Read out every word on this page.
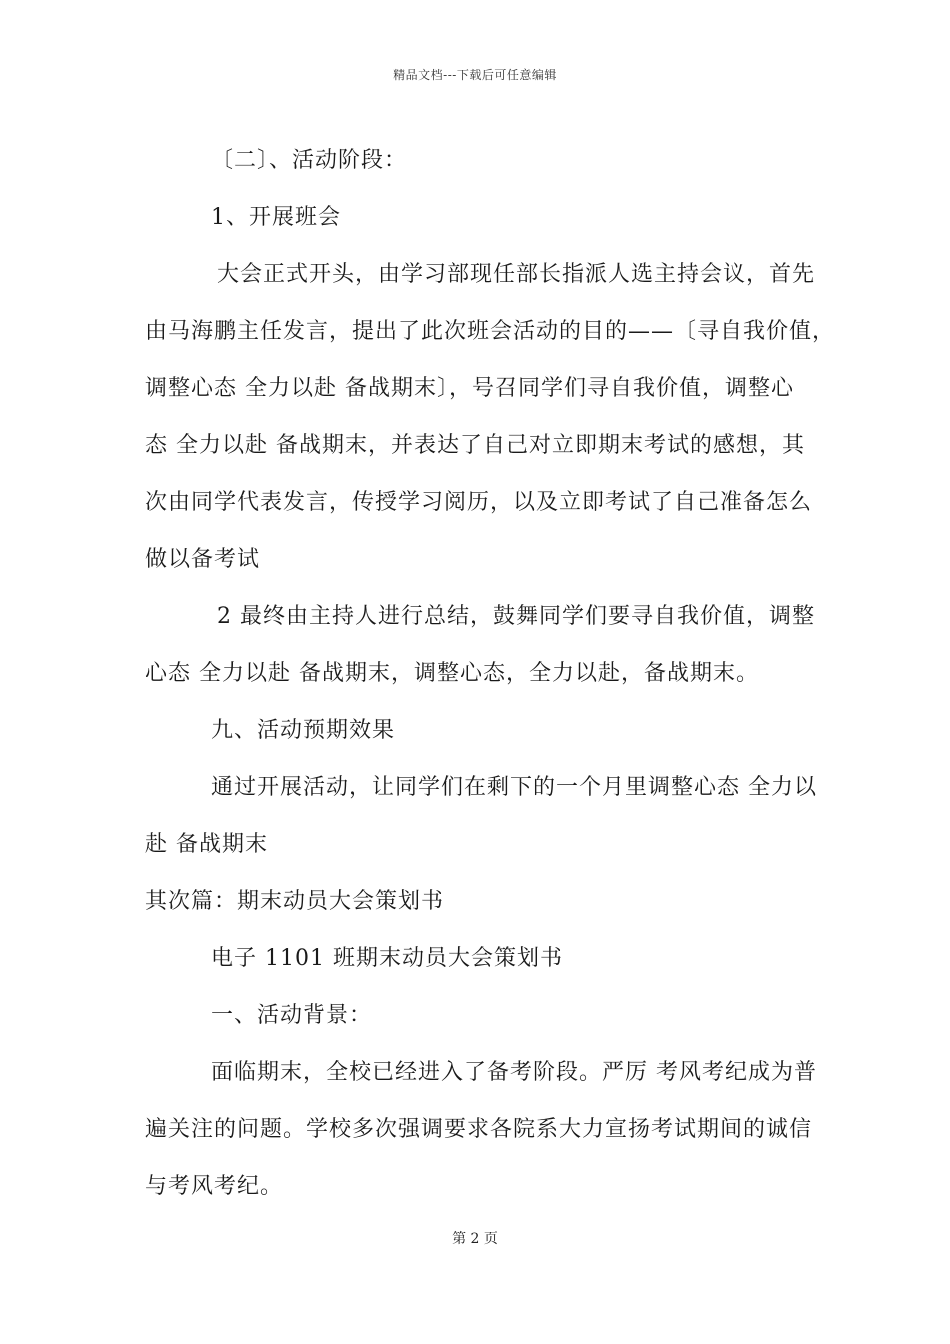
精品文档---下载后可任意编辑
〔二〕、活动阶段：
1、开展班会
大会正式开头，由学习部现任部长指派人选主持会议，首先
由马海鹏主任发言，提出了此次班会活动的目的——〔寻自我价值，
调整心态 全力以赴 备战期末〕，号召同学们寻自我价值，调整心
态 全力以赴 备战期末，并表达了自己对立即期末考试的感想，其
次由同学代表发言，传授学习阅历，以及立即考试了自己准备怎么
做以备考试
2 最终由主持人进行总结，鼓舞同学们要寻自我价值，调整
心态 全力以赴 备战期末，调整心态，全力以赴，备战期末。
九、活动预期效果
通过开展活动，让同学们在剩下的一个月里调整心态 全力以
赴 备战期末
其次篇：期末动员大会策划书
电子 1101 班期末动员大会策划书
一、活动背景：
面临期末，全校已经进入了备考阶段。严厉 考风考纪成为普
遍关注的问题。学校多次强调要求各院系大力宣扬考试期间的诚信
与考风考纪。
第 2 页
